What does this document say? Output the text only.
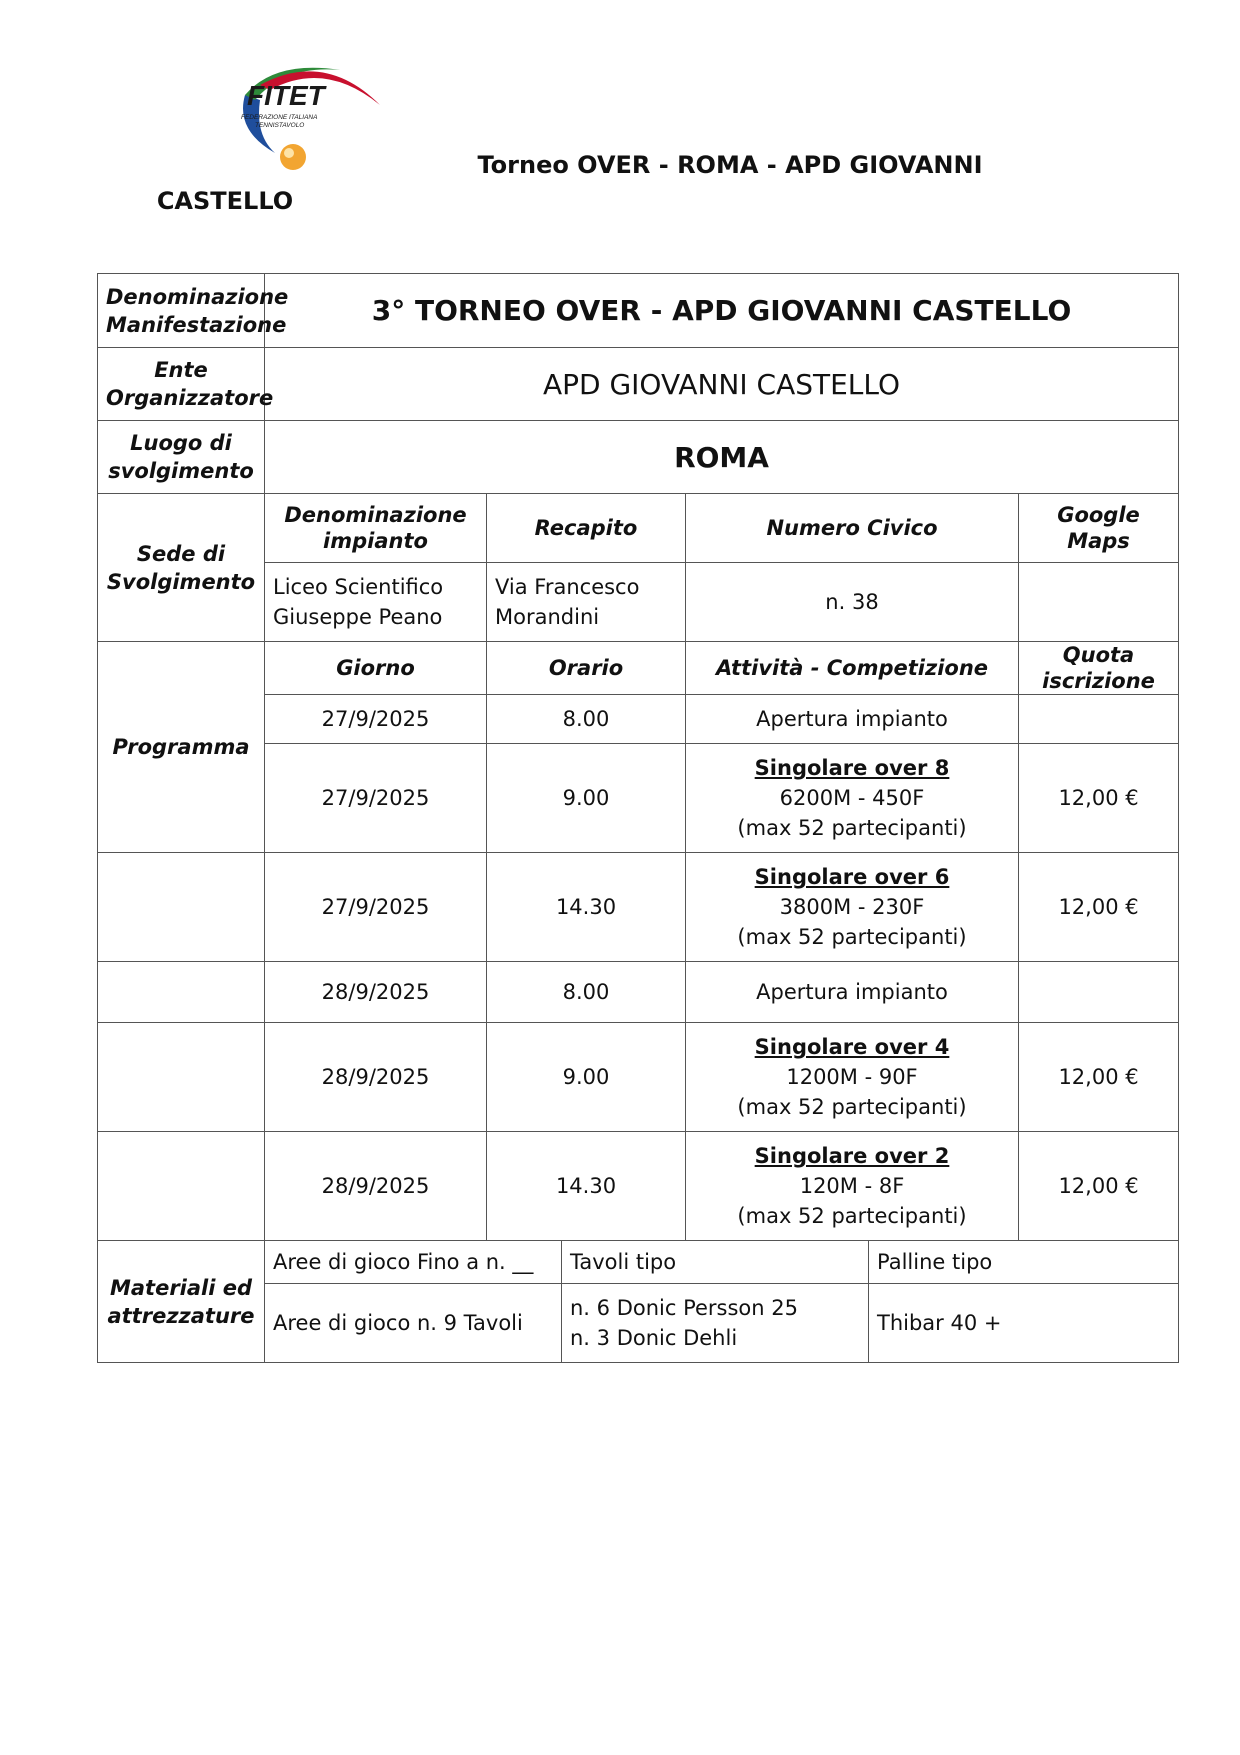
FITET
FEDERAZIONE ITALIANA
TENNISTAVOLO
Torneo OVER - ROMA - APD GIOVANNI
CASTELLO
Denominazione Manifestazione	3° TORNEO OVER - APD GIOVANNI CASTELLO					
Ente Organizzatore	APD GIOVANNI CASTELLO					
Luogo di svolgimento	ROMA					
Sede di Svolgimento	Denominazione impianto	Recapito		Numero Civico		Google Maps
	Liceo Scientifico Giuseppe Peano	Via Francesco Morandini		n. 38		
Programma	Giorno	Orario		Attività - Competizione		Quota iscrizione
	27/9/2025	8.00		Apertura impianto		

	27/9/2025	9.00		Singolare over 8
6200M - 450F
(max 52 partecipanti)		12,00 €
	27/9/2025	14.30		Singolare over 6
3800M - 230F
(max 52 partecipanti)		12,00 €
	28/9/2025	8.00		Apertura impianto		

	28/9/2025	9.00		Singolare over 4
1200M - 90F
(max 52 partecipanti)		12,00 €
	28/9/2025	14.30		Singolare over 2
120M - 8F
(max 52 partecipanti)		12,00 €
Materiali ed attrezzature	Aree di gioco Fino a n. __		Tavoli tipo		Palline tipo	
	Aree di gioco n. 9 Tavoli		n. 6 Donic Persson 25
n. 3 Donic Dehli		Thibar 40 +	
